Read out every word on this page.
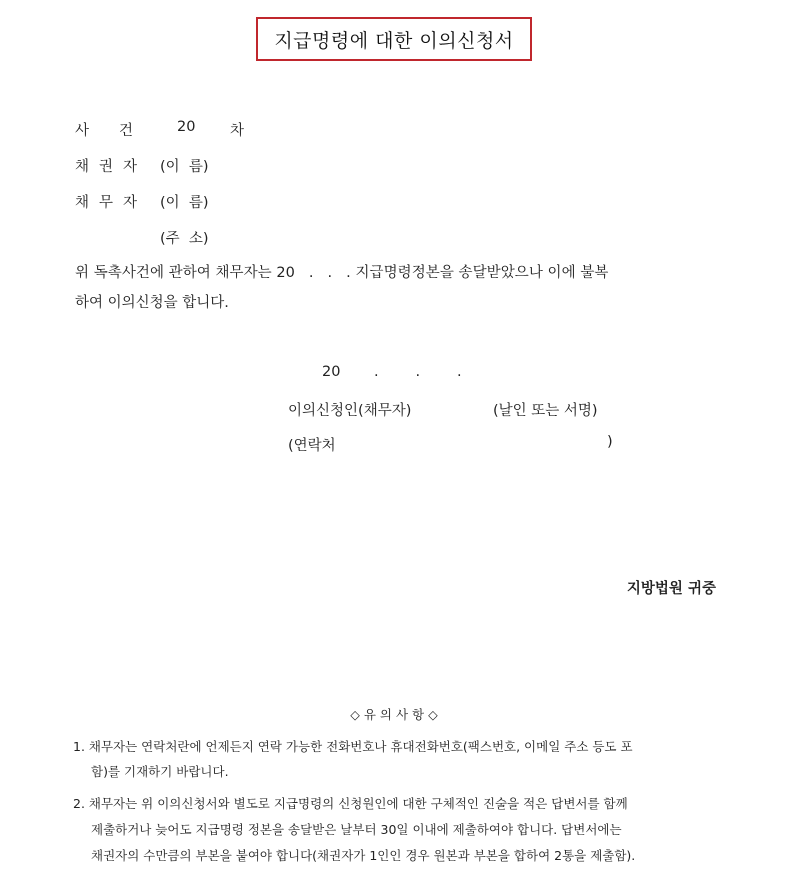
지급명령에 대한 이의신청서
사 건	20 차
채 권 자 (이  름)
채 무 자 (이  름)
(주  소)
위 독촉사건에 관하여 채무자는 20   .   .   . 지급명령정본을 송달받았으나 이에 불복
하여 이의신청을 합니다.
20 .        .        .
이의신청인(채무자)	(날인 또는 서명)
(연락처	)
지방법원 귀중
◇ 유 의 사 항 ◇
1. 채무자는 연락처란에 언제든지 연락 가능한 전화번호나 휴대전화번호(팩스번호, 이메일 주소 등도 포
함)를 기재하기 바랍니다.
2. 채무자는 위 이의신청서와 별도로 지급명령의 신청원인에 대한 구체적인 진술을 적은 답변서를 함께
제출하거나 늦어도 지급명령 정본을 송달받은 날부터 30일 이내에 제출하여야 합니다. 답변서에는
채권자의 수만큼의 부본을 붙여야 합니다(채권자가 1인인 경우 원본과 부본을 합하여 2통을 제출함).
